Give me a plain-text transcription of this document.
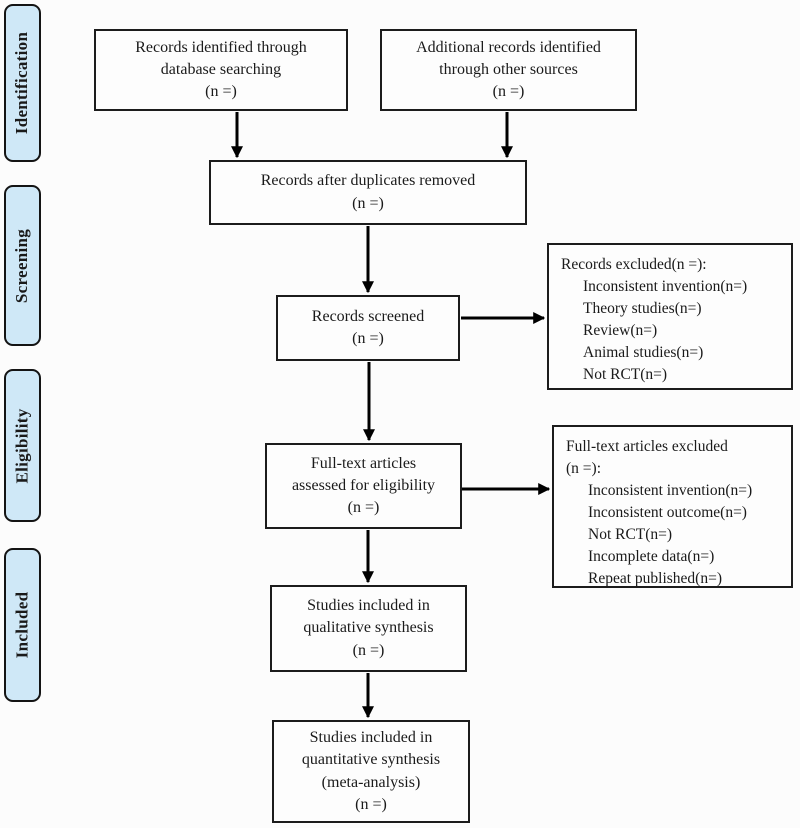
Identification
Screening
Eligibility
Included
Records identified through
database searching
(n =)
Additional records identified
through other sources
(n =)
Records after duplicates removed
(n =)
Records screened
(n =)
Records excluded(n =):
Inconsistent invention(n=)
Theory studies(n=)
Review(n=)
Animal studies(n=)
Not RCT(n=)
Full-text articles
assessed for eligibility
(n =)
Full-text articles excluded
(n =):
Inconsistent invention(n=)
Inconsistent outcome(n=)
Not RCT(n=)
Incomplete data(n=)
Repeat published(n=)
Studies included in
qualitative synthesis
(n =)
Studies included in
quantitative synthesis
(meta-analysis)
(n =)
